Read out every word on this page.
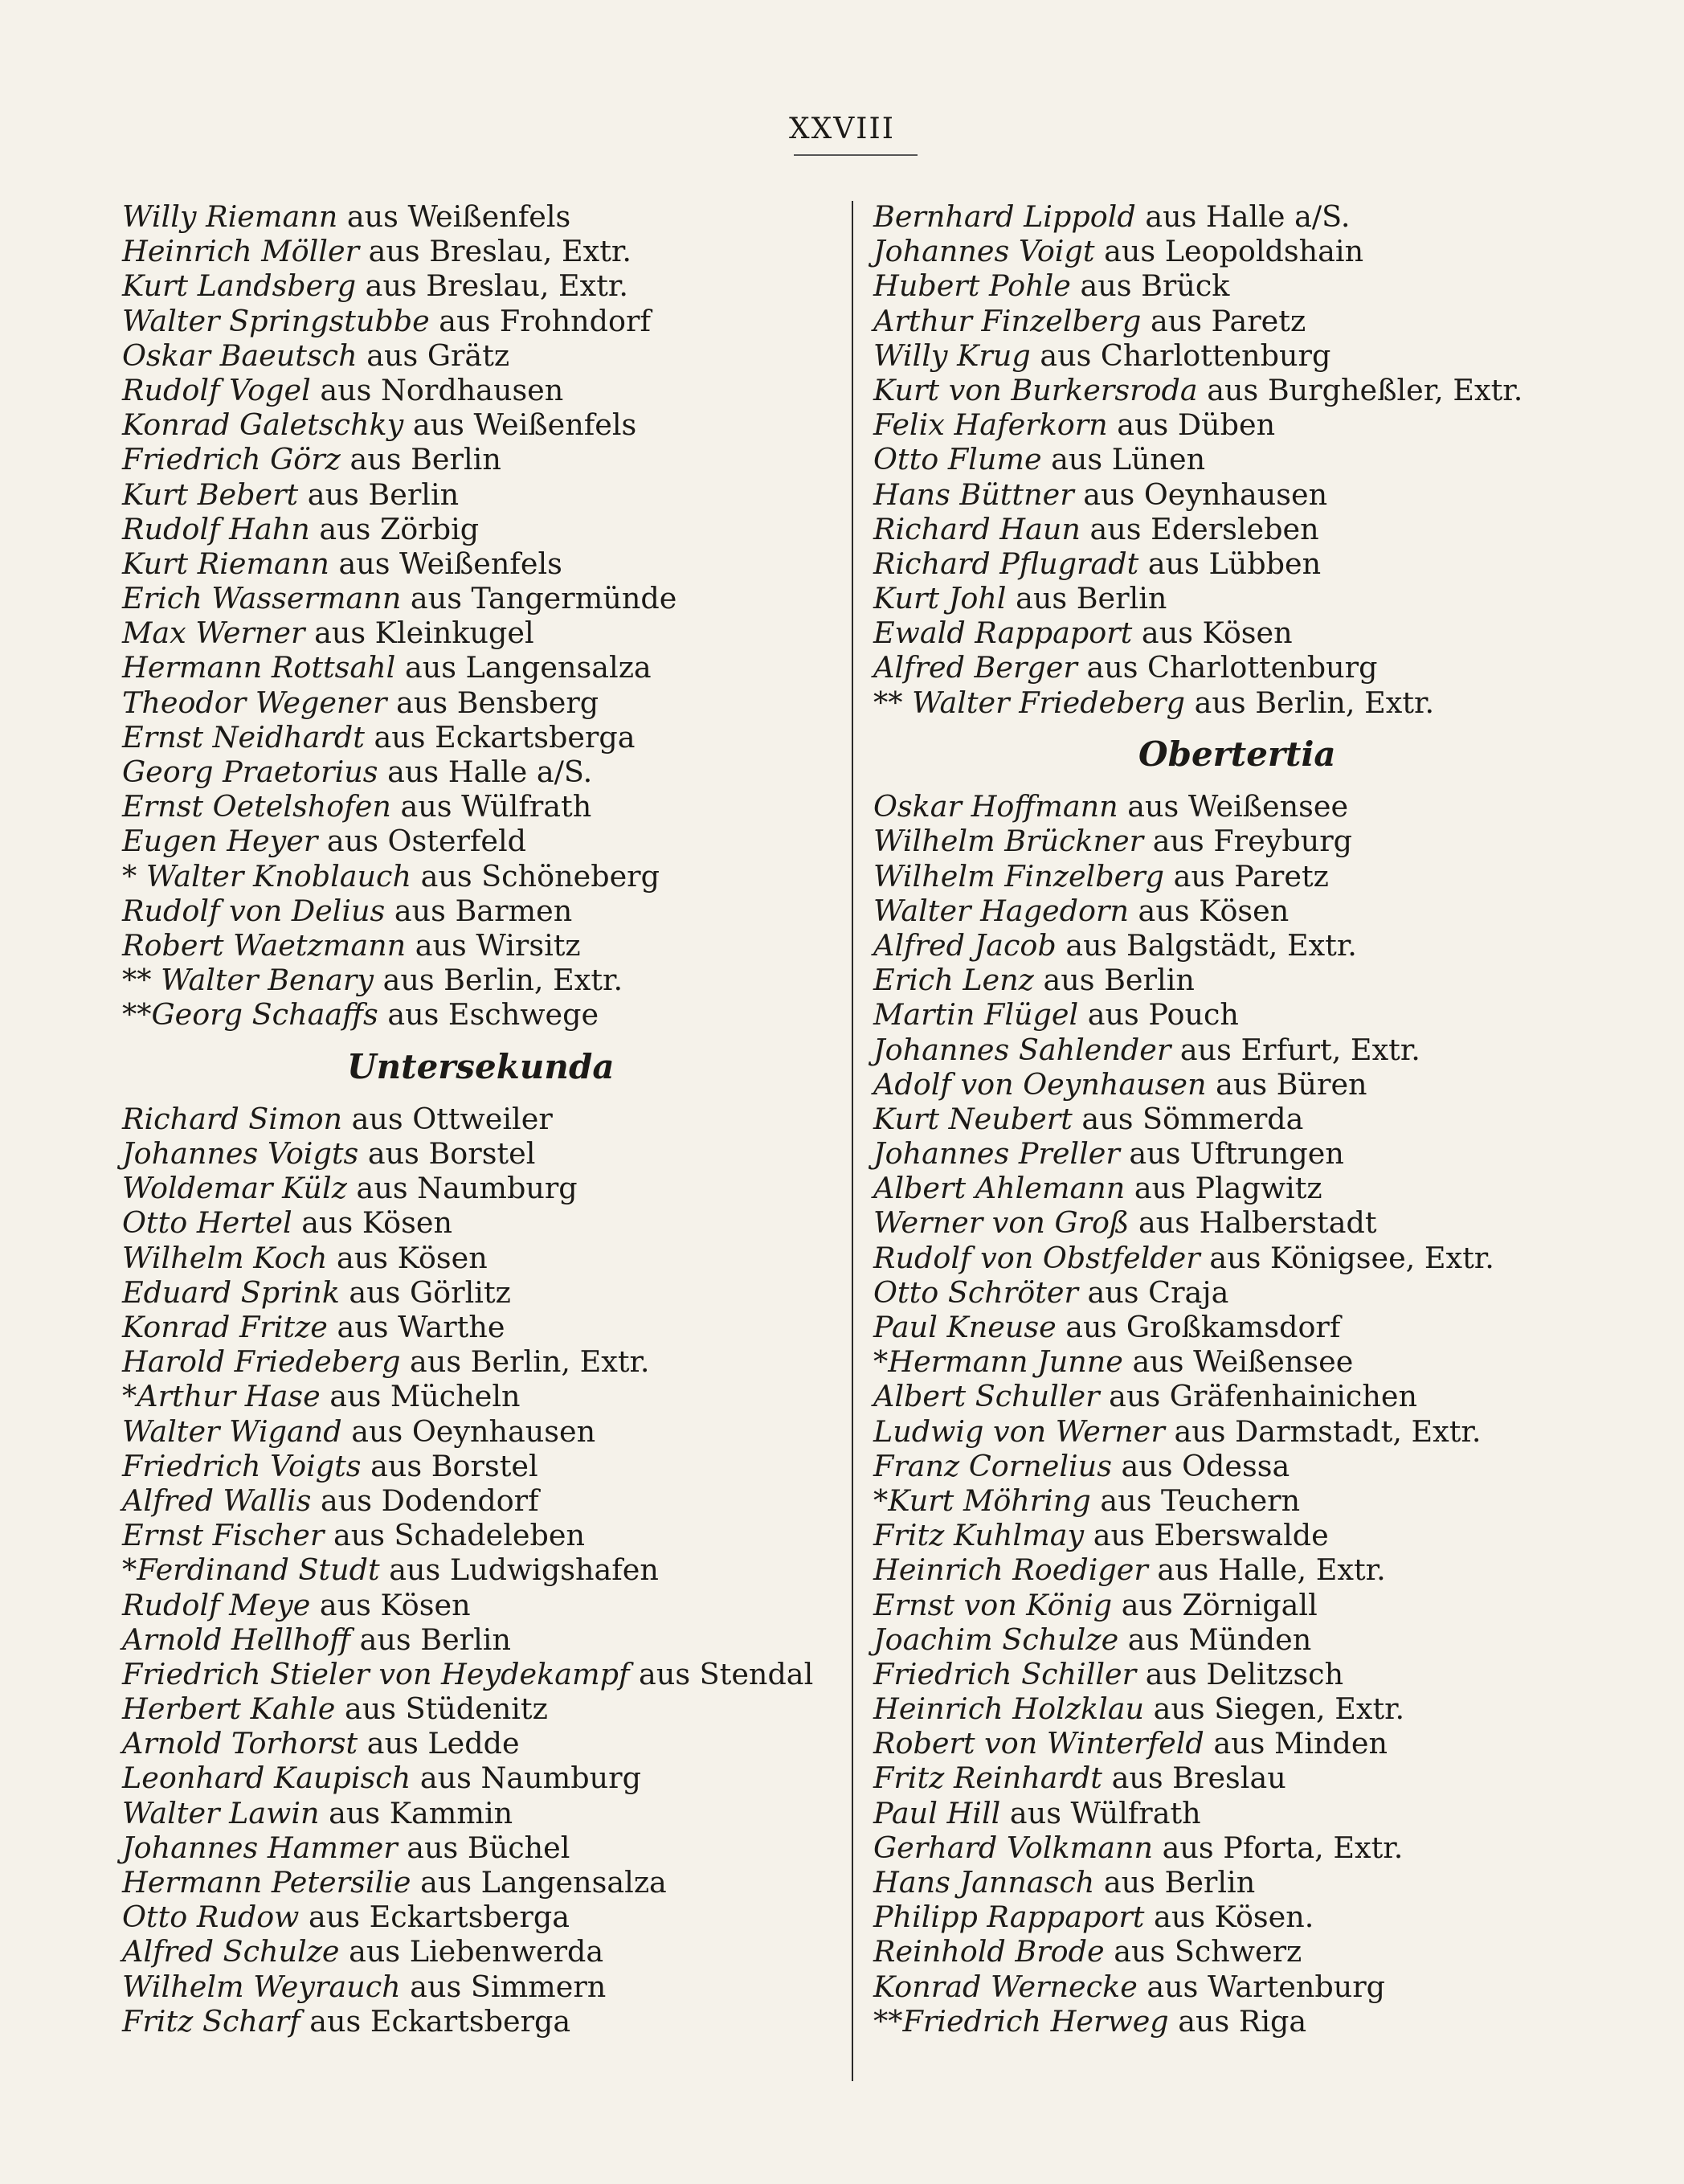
XXVIII
Willy Riemann aus Weißenfels
Heinrich Möller aus Breslau, Extr.
Kurt Landsberg aus Breslau, Extr.
Walter Springstubbe aus Frohndorf
Oskar Baeutsch aus Grätz
Rudolf Vogel aus Nordhausen
Konrad Galetschky aus Weißenfels
Friedrich Görz aus Berlin
Kurt Bebert aus Berlin
Rudolf Hahn aus Zörbig
Kurt Riemann aus Weißenfels
Erich Wassermann aus Tangermünde
Max Werner aus Kleinkugel
Hermann Rottsahl aus Langensalza
Theodor Wegener aus Bensberg
Ernst Neidhardt aus Eckartsberga
Georg Praetorius aus Halle a/S.
Ernst Oetelshofen aus Wülfrath
Eugen Heyer aus Osterfeld
* Walter Knoblauch aus Schöneberg
Rudolf von Delius aus Barmen
Robert Waetzmann aus Wirsitz
** Walter Benary aus Berlin, Extr.
**Georg Schaaffs aus Eschwege
Untersekunda
Richard Simon aus Ottweiler
Johannes Voigts aus Borstel
Woldemar Külz aus Naumburg
Otto Hertel aus Kösen
Wilhelm Koch aus Kösen
Eduard Sprink aus Görlitz
Konrad Fritze aus Warthe
Harold Friedeberg aus Berlin, Extr.
*Arthur Hase aus Mücheln
Walter Wigand aus Oeynhausen
Friedrich Voigts aus Borstel
Alfred Wallis aus Dodendorf
Ernst Fischer aus Schadeleben
*Ferdinand Studt aus Ludwigshafen
Rudolf Meye aus Kösen
Arnold Hellhoff aus Berlin
Friedrich Stieler von Heydekampf aus Stendal
Herbert Kahle aus Stüdenitz
Arnold Torhorst aus Ledde
Leonhard Kaupisch aus Naumburg
Walter Lawin aus Kammin
Johannes Hammer aus Büchel
Hermann Petersilie aus Langensalza
Otto Rudow aus Eckartsberga
Alfred Schulze aus Liebenwerda
Wilhelm Weyrauch aus Simmern
Fritz Scharf aus Eckartsberga
Bernhard Lippold aus Halle a/S.
Johannes Voigt aus Leopoldshain
Hubert Pohle aus Brück
Arthur Finzelberg aus Paretz
Willy Krug aus Charlottenburg
Kurt von Burkersroda aus Burgheßler, Extr.
Felix Haferkorn aus Düben
Otto Flume aus Lünen
Hans Büttner aus Oeynhausen
Richard Haun aus Edersleben
Richard Pflugradt aus Lübben
Kurt Johl aus Berlin
Ewald Rappaport aus Kösen
Alfred Berger aus Charlottenburg
** Walter Friedeberg aus Berlin, Extr.
Obertertia
Oskar Hoffmann aus Weißensee
Wilhelm Brückner aus Freyburg
Wilhelm Finzelberg aus Paretz
Walter Hagedorn aus Kösen
Alfred Jacob aus Balgstädt, Extr.
Erich Lenz aus Berlin
Martin Flügel aus Pouch
Johannes Sahlender aus Erfurt, Extr.
Adolf von Oeynhausen aus Büren
Kurt Neubert aus Sömmerda
Johannes Preller aus Uftrungen
Albert Ahlemann aus Plagwitz
Werner von Groß aus Halberstadt
Rudolf von Obstfelder aus Königsee, Extr.
Otto Schröter aus Craja
Paul Kneuse aus Großkamsdorf
*Hermann Junne aus Weißensee
Albert Schuller aus Gräfenhainichen
Ludwig von Werner aus Darmstadt, Extr.
Franz Cornelius aus Odessa
*Kurt Möhring aus Teuchern
Fritz Kuhlmay aus Eberswalde
Heinrich Roediger aus Halle, Extr.
Ernst von König aus Zörnigall
Joachim Schulze aus Münden
Friedrich Schiller aus Delitzsch
Heinrich Holzklau aus Siegen, Extr.
Robert von Winterfeld aus Minden
Fritz Reinhardt aus Breslau
Paul Hill aus Wülfrath
Gerhard Volkmann aus Pforta, Extr.
Hans Jannasch aus Berlin
Philipp Rappaport aus Kösen.
Reinhold Brode aus Schwerz
Konrad Wernecke aus Wartenburg
**Friedrich Herweg aus Riga
